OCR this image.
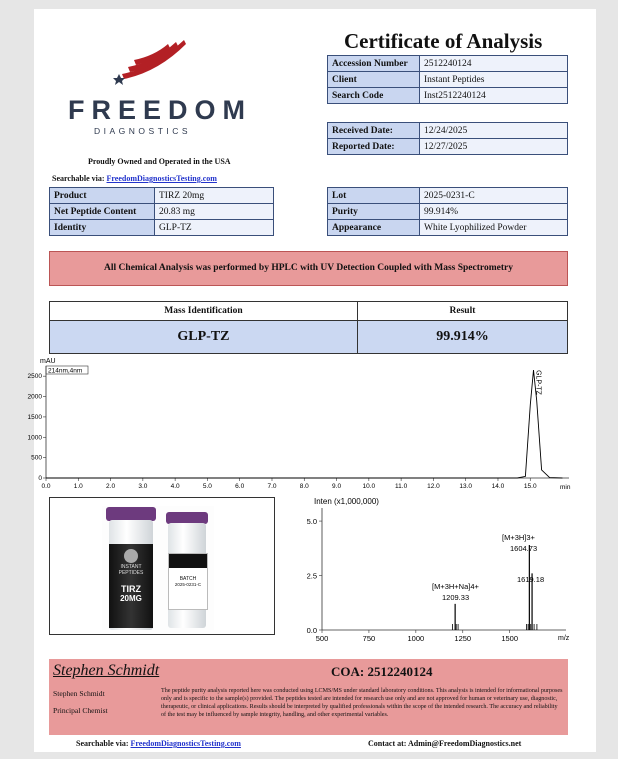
FREEDOM
DIAGNOSTICS
Proudly Owned and Operated in the USA
Searchable via: FreedomDiagnosticsTesting.com
Certificate of Analysis
Accession Number	2512240124
Client	Instant Peptides
Search Code	Inst2512240124
Received Date:	12/24/2025
Reported Date:	12/27/2025
Product	TIRZ 20mg
Net Peptide Content	20.83 mg
Identity	GLP-TZ
Lot	2025-0231-C
Purity	99.914%
Appearance	White Lyophilized Powder
All Chemical Analysis was performed by HPLC with UV Detection Coupled with Mass Spectrometry
Mass Identification	Result
GLP-TZ	99.914%
mAU
214nm,4nm
2500
2000
1500
1000
500
0
0.0	1.0	2.0	3.0	4.0	5.0	6.0	7.0	8.0	9.0	10.0	11.0	12.0	13.0	14.0	15.0
GLP-TZ
min
INSTANT
PEPTIDES
TIRZ
20MG
BATCH
2025-0231-C
Inten (x1,000,000)
5.0
2.5
0.0
500	750	1000	1250	1500
[M+3H]3+
1604.73
1619.18
[M+3H+Na]4+
1209.33
m/z
Stephen Schmidt	COA: 2512240124
Stephen Schmidt
Principal Chemist
The peptide purity analysis reported here was conducted using LCMS/MS under standard laboratory conditions. This analysis is intended for informational purposes only and is specific to the sample(s) provided. The peptides tested are intended for research use only and are not approved for human or veterinary use, diagnostic, therapeutic, or clinical applications. Results should be interpreted by qualified professionals within the scope of the intended research. The accuracy and reliability of the test may be influenced by sample integrity, handling, and other experimental variables.
Searchable via: FreedomDiagnosticsTesting.com	Contact at: Admin@FreedomDiagnostics.net
